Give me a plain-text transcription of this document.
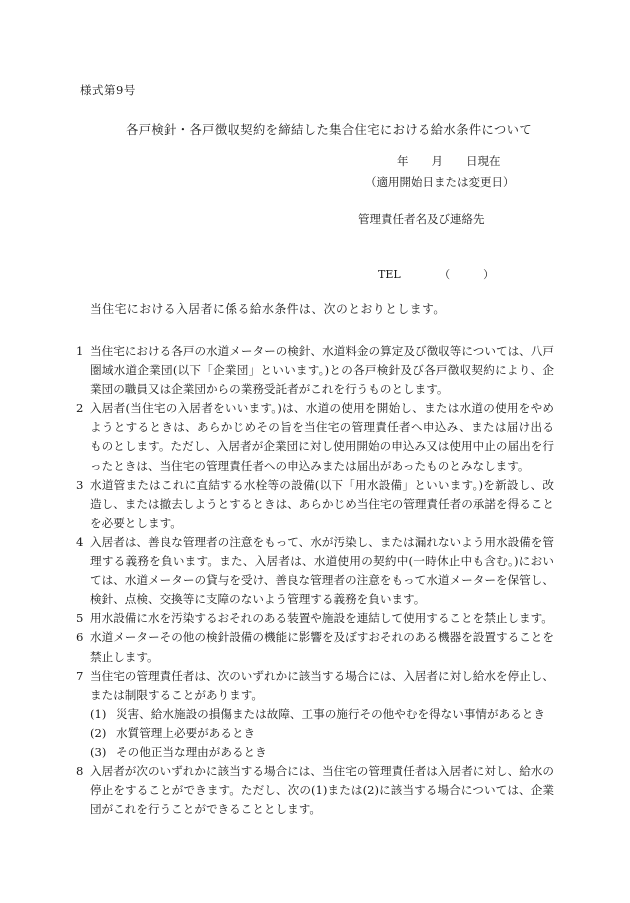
様式第9号
各戸検針・各戸徴収契約を締結した集合住宅における給水条件について
年　　月　　日現在
（適用開始日または変更日）
管理責任者名及び連絡先
TEL　　　　（　　　）
当住宅における入居者に係る給水条件は、次のとおりとします。
1 当住宅における各戸の水道メーターの検針、水道料金の算定及び徴収等については、八戸圏域水道企業団(以下「企業団」といいます。)との各戸検針及び各戸徴収契約により、企業団の職員又は企業団からの業務受託者がこれを行うものとします。
2 入居者(当住宅の入居者をいいます。)は、水道の使用を開始し、または水道の使用をやめようとするときは、あらかじめその旨を当住宅の管理責任者へ申込み、または届け出るものとします。ただし、入居者が企業団に対し使用開始の申込み又は使用中止の届出を行ったときは、当住宅の管理責任者への申込みまたは届出があったものとみなします。
3 水道管またはこれに直結する水栓等の設備(以下「用水設備」といいます。)を新設し、改造し、または撤去しようとするときは、あらかじめ当住宅の管理責任者の承諾を得ることを必要とします。
4 入居者は、善良な管理者の注意をもって、水が汚染し、または漏れないよう用水設備を管理する義務を負います。また、入居者は、水道使用の契約中(一時休止中も含む。)においては、水道メーターの貸与を受け、善良な管理者の注意をもって水道メーターを保管し、検針、点検、交換等に支障のないよう管理する義務を負います。
5 用水設備に水を汚染するおそれのある装置や施設を連結して使用することを禁止します。
6 水道メーターその他の検針設備の機能に影響を及ぼすおそれのある機器を設置することを禁止します。
7 当住宅の管理責任者は、次のいずれかに該当する場合には、入居者に対し給水を停止し、または制限することがあります。
(1) 災害、給水施設の損傷または故障、工事の施行その他やむを得ない事情があるとき
(2) 水質管理上必要があるとき
(3) その他正当な理由があるとき
8 入居者が次のいずれかに該当する場合には、当住宅の管理責任者は入居者に対し、給水の停止をすることができます。ただし、次の(1)または(2)に該当する場合については、企業団がこれを行うことができることとします。
